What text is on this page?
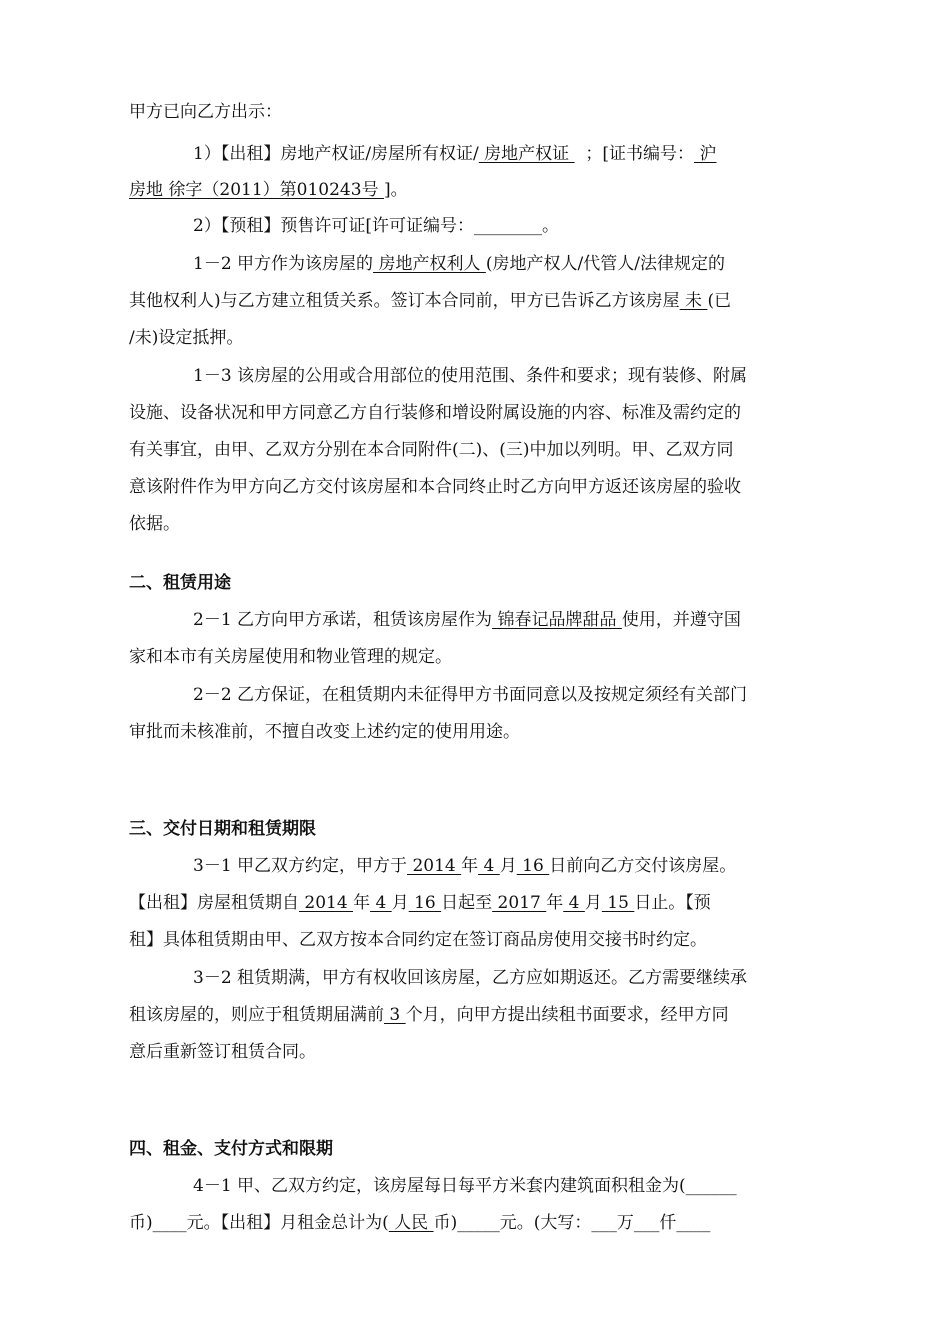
甲方已向乙方出示：
1）【出租】房地产权证/房屋所有权证/ 房地产权证   ；[证书编号： 沪
房地 徐字（2011）第010243号 ]。
2）【预租】预售许可证[许可证编号：________。
1－2 甲方作为该房屋的 房地产权利人 (房地产权人/代管人/法律规定的
其他权利人)与乙方建立租赁关系。签订本合同前，甲方已告诉乙方该房屋 未 (已
/未)设定抵押。
1－3 该房屋的公用或合用部位的使用范围、条件和要求；现有装修、附属
设施、设备状况和甲方同意乙方自行装修和增设附属设施的内容、标准及需约定的
有关事宜，由甲、乙双方分别在本合同附件(二)、(三)中加以列明。甲、乙双方同
意该附件作为甲方向乙方交付该房屋和本合同终止时乙方向甲方返还该房屋的验收
依据。
二、租赁用途
2－1 乙方向甲方承诺，租赁该房屋作为 锦春记品牌甜品 使用，并遵守国
家和本市有关房屋使用和物业管理的规定。
2－2 乙方保证，在租赁期内未征得甲方书面同意以及按规定须经有关部门
审批而未核准前，不擅自改变上述约定的使用用途。
三、交付日期和租赁期限
3－1 甲乙双方约定，甲方于 2014 年 4 月 16 日前向乙方交付该房屋。
【出租】房屋租赁期自 2014 年 4 月 16 日起至 2017 年 4 月 15 日止。【预
租】具体租赁期由甲、乙双方按本合同约定在签订商品房使用交接书时约定。
3－2 租赁期满，甲方有权收回该房屋，乙方应如期返还。乙方需要继续承
租该房屋的，则应于租赁期届满前 3 个月，向甲方提出续租书面要求，经甲方同
意后重新签订租赁合同。
四、租金、支付方式和限期
4－1 甲、乙双方约定，该房屋每日每平方米套内建筑面积租金为(______
币)____元。【出租】月租金总计为( 人民 币)_____元。(大写：___万___仟____
